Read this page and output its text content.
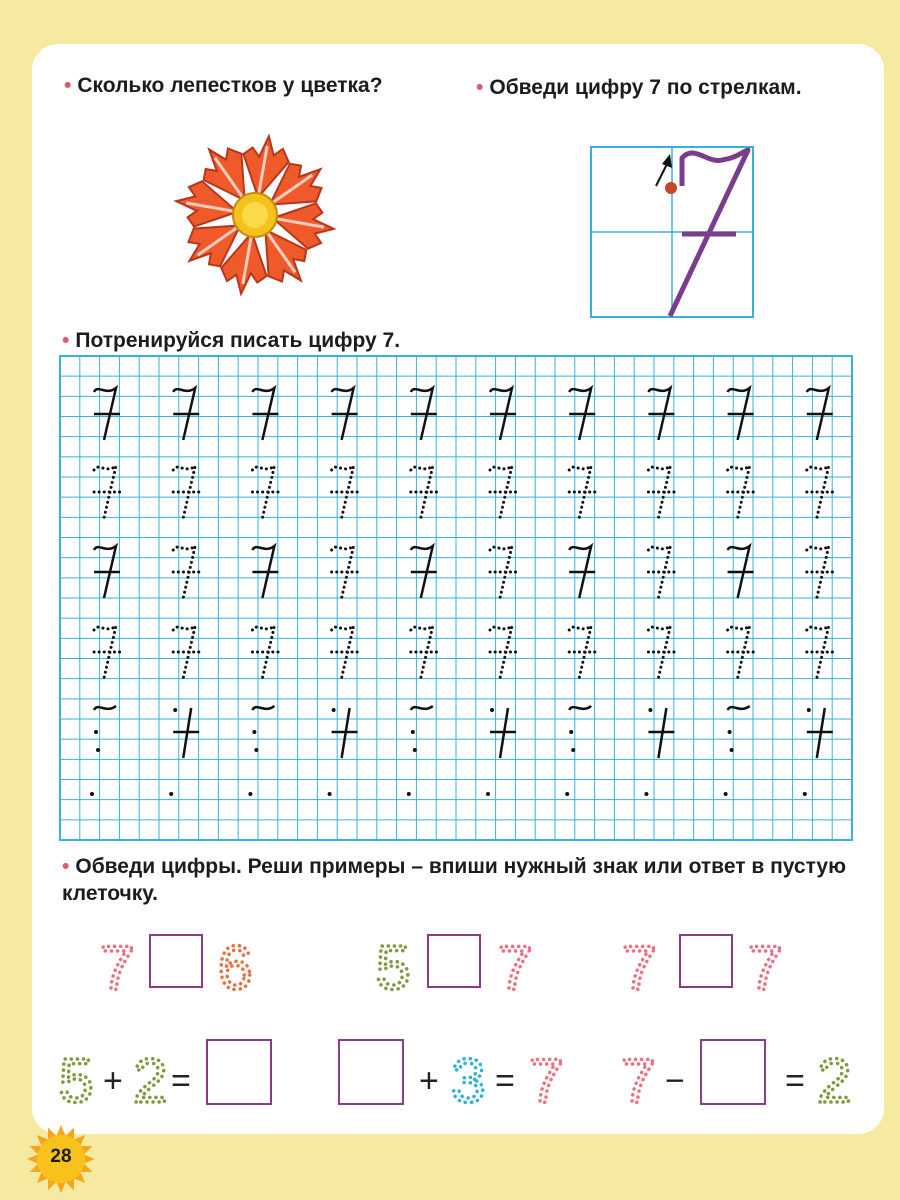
• Сколько лепестков у цветка?	• Обведи цифру 7 по стрелкам.

• Потренируйся писать цифру 7.

• Обведи цифры. Реши примеры – впиши нужный знак или ответ в пустую клеточку.

7 6 5 7 7 7
5 + 2 =	+ 3 = 7 7 −	= 2
28
